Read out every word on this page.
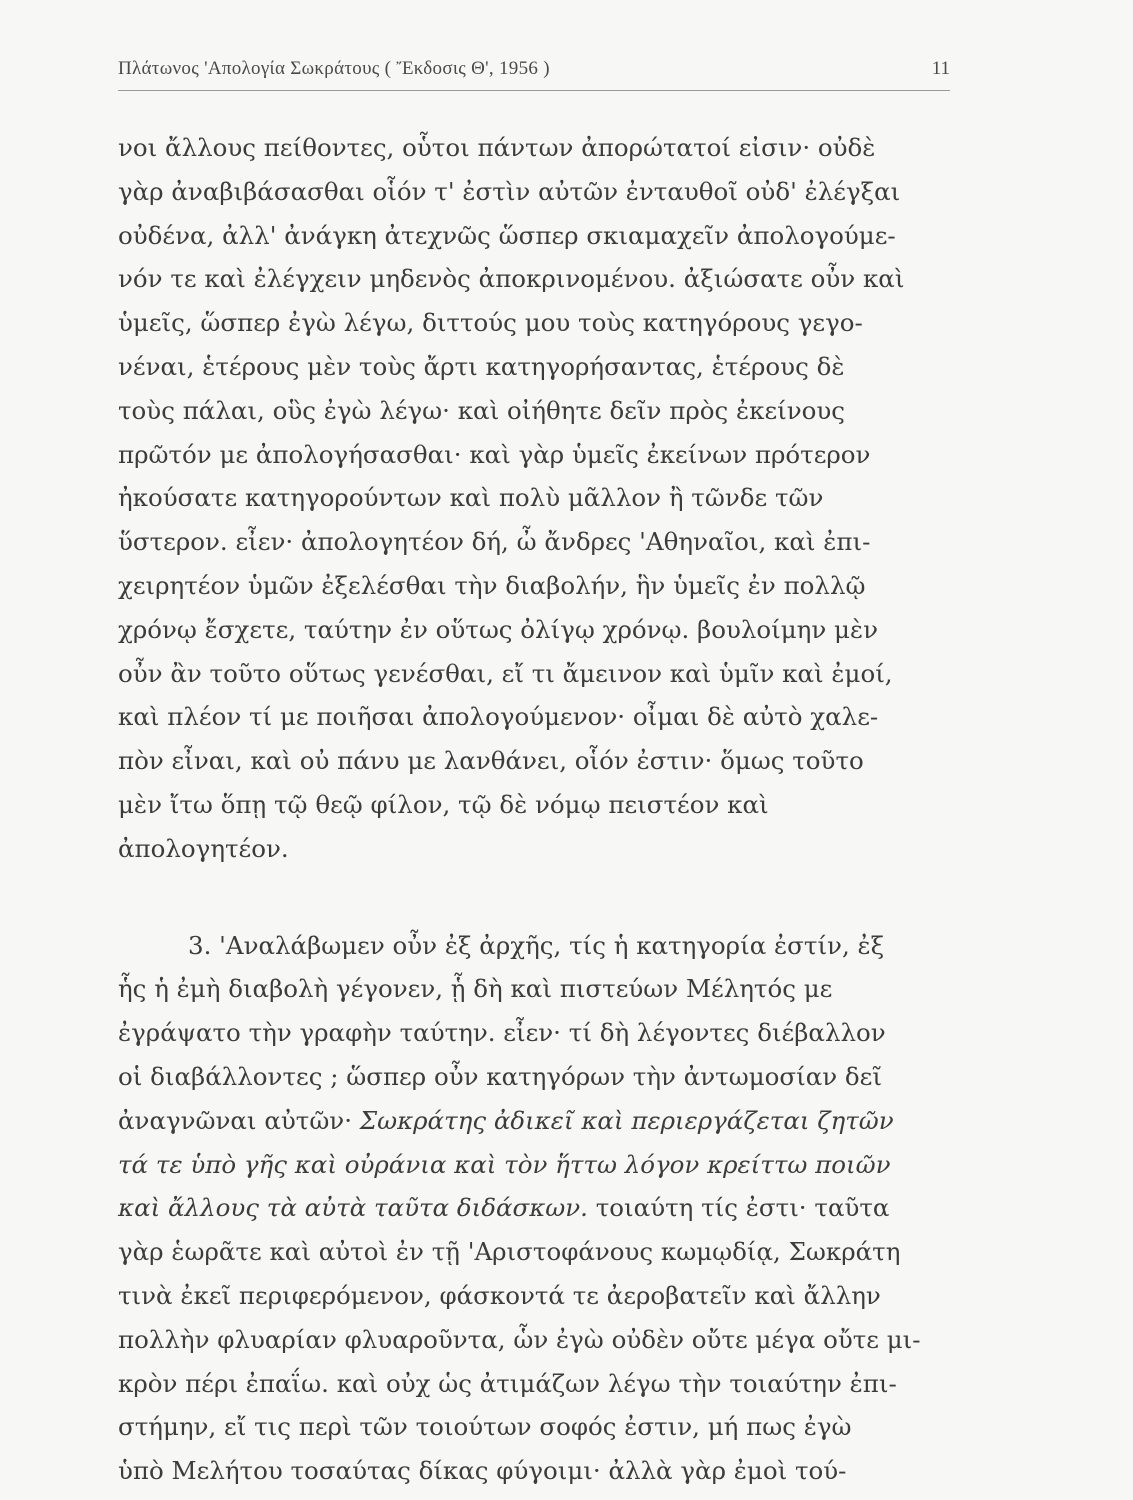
Πλάτωνος 'Απολογία Σωκράτους ( Ἔκδοσις Θ', 1956 )	11
νοι ἄλλους πείθοντες, οὗτοι πάντων ἀπορώτατοί εἰσιν· οὐδὲ
γὰρ ἀναβιβάσασθαι οἷόν τ' ἐστὶν αὐτῶν ἐνταυθοῖ οὐδ' ἐλέγξαι
οὐδένα, ἀλλ' ἀνάγκη ἀτεχνῶς ὥσπερ σκιαμαχεῖν ἀπολογούμε-
νόν τε καὶ ἐλέγχειν μηδενὸς ἀποκρινομένου. ἀξιώσατε οὖν καὶ
ὑμεῖς, ὥσπερ ἐγὼ λέγω, διττούς μου τοὺς κατηγόρους γεγο-
νέναι, ἑτέρους μὲν τοὺς ἄρτι κατηγορήσαντας, ἑτέρους δὲ
τοὺς πάλαι, οὓς ἐγὼ λέγω· καὶ οἰήθητε δεῖν πρὸς ἐκείνους
πρῶτόν με ἀπολογήσασθαι· καὶ γὰρ ὑμεῖς ἐκείνων πρότερον
ἠκούσατε κατηγορούντων καὶ πολὺ μᾶλλον ἢ τῶνδε τῶν
ὕστερον. εἶεν· ἀπολογητέον δή, ὦ ἄνδρες 'Αθηναῖοι, καὶ ἐπι-
χειρητέον ὑμῶν ἐξελέσθαι τὴν διαβολήν, ἣν ὑμεῖς ἐν πολλῷ
χρόνῳ ἔσχετε, ταύτην ἐν οὕτως ὀλίγῳ χρόνῳ. βουλοίμην μὲν
οὖν ἂν τοῦτο οὕτως γενέσθαι, εἴ τι ἄμεινον καὶ ὑμῖν καὶ ἐμοί,
καὶ πλέον τί με ποιῆσαι ἀπολογούμενον· οἶμαι δὲ αὐτὸ χαλε-
πὸν εἶναι, καὶ οὐ πάνυ με λανθάνει, οἷόν ἐστιν· ὅμως τοῦτο
μὲν ἴτω ὅπῃ τῷ θεῷ φίλον, τῷ δὲ νόμῳ πειστέον καὶ
ἀπολογητέον.
3. 'Αναλάβωμεν οὖν ἐξ ἀρχῆς, τίς ἡ κατηγορία ἐστίν, ἐξ
ἧς ἡ ἐμὴ διαβολὴ γέγονεν, ᾗ δὴ καὶ πιστεύων Μέλητός με
ἐγράψατο τὴν γραφὴν ταύτην. εἶεν· τί δὴ λέγοντες διέβαλλον
οἱ διαβάλλοντες ; ὥσπερ οὖν κατηγόρων τὴν ἀντωμοσίαν δεῖ
ἀναγνῶναι αὐτῶν· Σωκράτης ἀδικεῖ καὶ περιεργάζεται ζητῶν
τά τε ὑπὸ γῆς καὶ οὐράνια καὶ τὸν ἥττω λόγον κρείττω ποιῶν
καὶ ἄλλους τὰ αὐτὰ ταῦτα διδάσκων. τοιαύτη τίς ἐστι· ταῦτα
γὰρ ἑωρᾶτε καὶ αὐτοὶ ἐν τῇ 'Αριστοφάνους κωμῳδίᾳ, Σωκράτη
τινὰ ἐκεῖ περιφερόμενον, φάσκοντά τε ἀεροβατεῖν καὶ ἄλλην
πολλὴν φλυαρίαν φλυαροῦντα, ὧν ἐγὼ οὐδὲν οὔτε μέγα οὔτε μι-
κρὸν πέρι ἐπαΐω. καὶ οὐχ ὡς ἀτιμάζων λέγω τὴν τοιαύτην ἐπι-
στήμην, εἴ τις περὶ τῶν τοιούτων σοφός ἐστιν, μή πως ἐγὼ
ὑπὸ Μελήτου τοσαύτας δίκας φύγοιμι· ἀλλὰ γὰρ ἐμοὶ τού-
